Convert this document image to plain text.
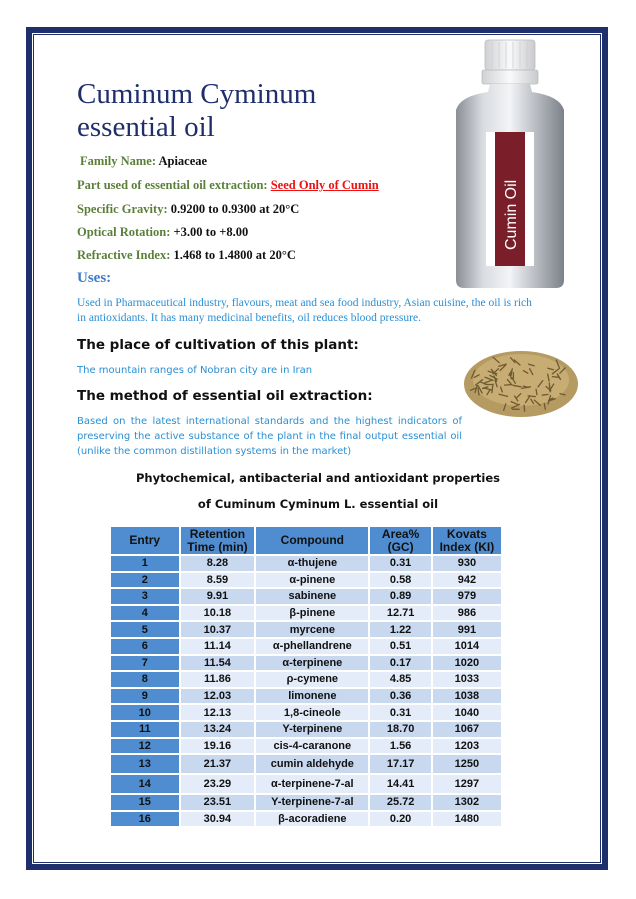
Cuminum Cyminum
essential oil
Family Name: Apiaceae
Part used of essential oil extraction: Seed Only of Cumin
Specific Gravity: 0.9200 to 0.9300 at 20°C
Optical Rotation: +3.00 to +8.00
Refractive Index: 1.468 to 1.4800 at 20°C
Cumin Oil
Uses:
Used in Pharmaceutical industry, flavours, meat and sea food industry, Asian cuisine, the oil is rich in antioxidants. It has many medicinal benefits, oil reduces blood pressure.
The place of cultivation of this plant:
The mountain ranges of Nobran city are in Iran
The method of essential oil extraction:
Based on the latest international standards and the highest indicators of preserving the active substance of the plant in the final output essential oil (unlike the common distillation systems in the market)
Phytochemical, antibacterial and antioxidant properties
of Cuminum Cyminum L. essential oil
Entry	Retention Time (min)	Compound	Area% (GC)	Kovats Index (KI)
1	8.28	α-thujene	0.31	930
2	8.59	α-pinene	0.58	942
3	9.91	sabinene	0.89	979
4	10.18	β-pinene	12.71	986
5	10.37	myrcene	1.22	991
6	11.14	α-phellandrene	0.51	1014
7	11.54	α-terpinene	0.17	1020
8	11.86	ρ-cymene	4.85	1033
9	12.03	limonene	0.36	1038
10	12.13	1,8-cineole	0.31	1040
11	13.24	Y-terpinene	18.70	1067
12	19.16	cis-4-caranone	1.56	1203
13	21.37	cumin aldehyde	17.17	1250
14	23.29	α-terpinene-7-al	14.41	1297
15	23.51	Y-terpinene-7-al	25.72	1302
16	30.94	β-acoradiene	0.20	1480
